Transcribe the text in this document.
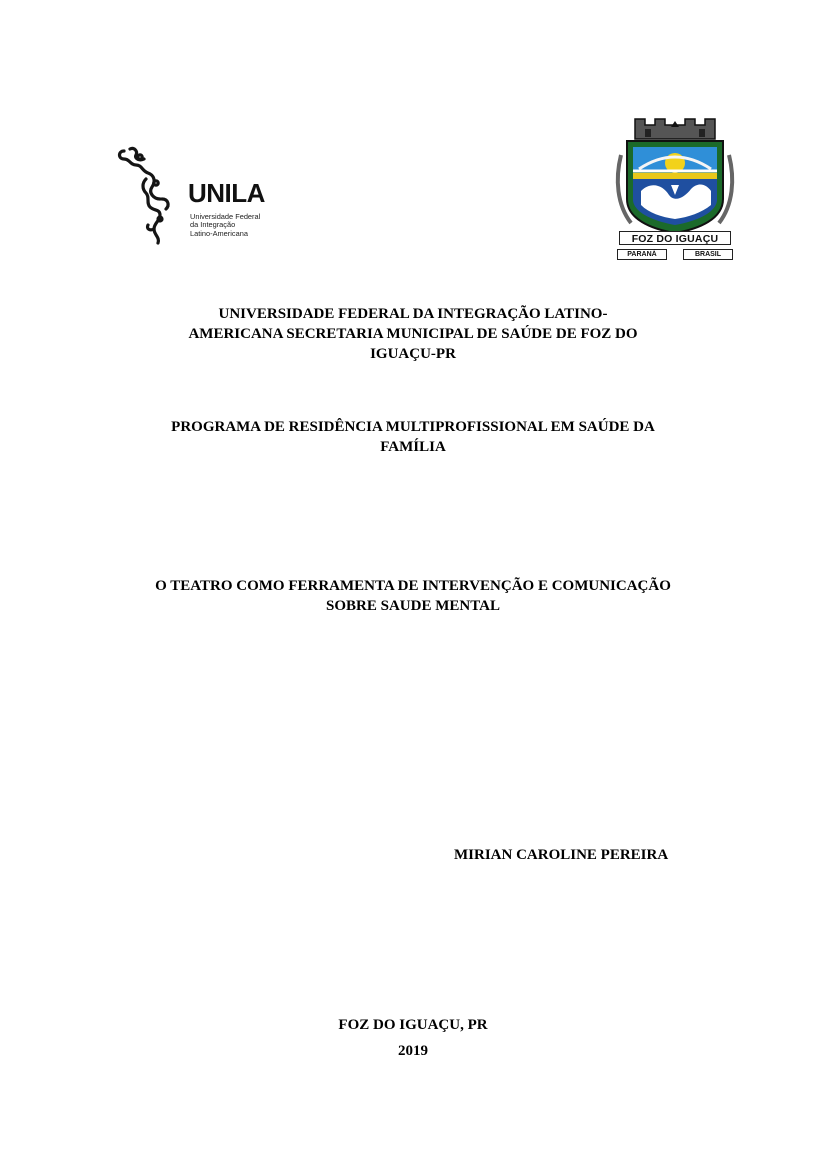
UNILA
Universidade Federal
da Integração
Latino-Americana	FOZ DO IGUAÇU
PARANÁ	BRASIL
UNIVERSIDADE FEDERAL DA INTEGRAÇÃO LATINO-
AMERICANA SECRETARIA MUNICIPAL DE SAÚDE DE FOZ DO
IGUAÇU-PR
PROGRAMA DE RESIDÊNCIA MULTIPROFISSIONAL EM SAÚDE DA
FAMÍLIA
O TEATRO COMO FERRAMENTA DE INTERVENÇÃO E COMUNICAÇÃO
SOBRE SAUDE MENTAL
MIRIAN CAROLINE PEREIRA
FOZ DO IGUAÇU, PR
2019
